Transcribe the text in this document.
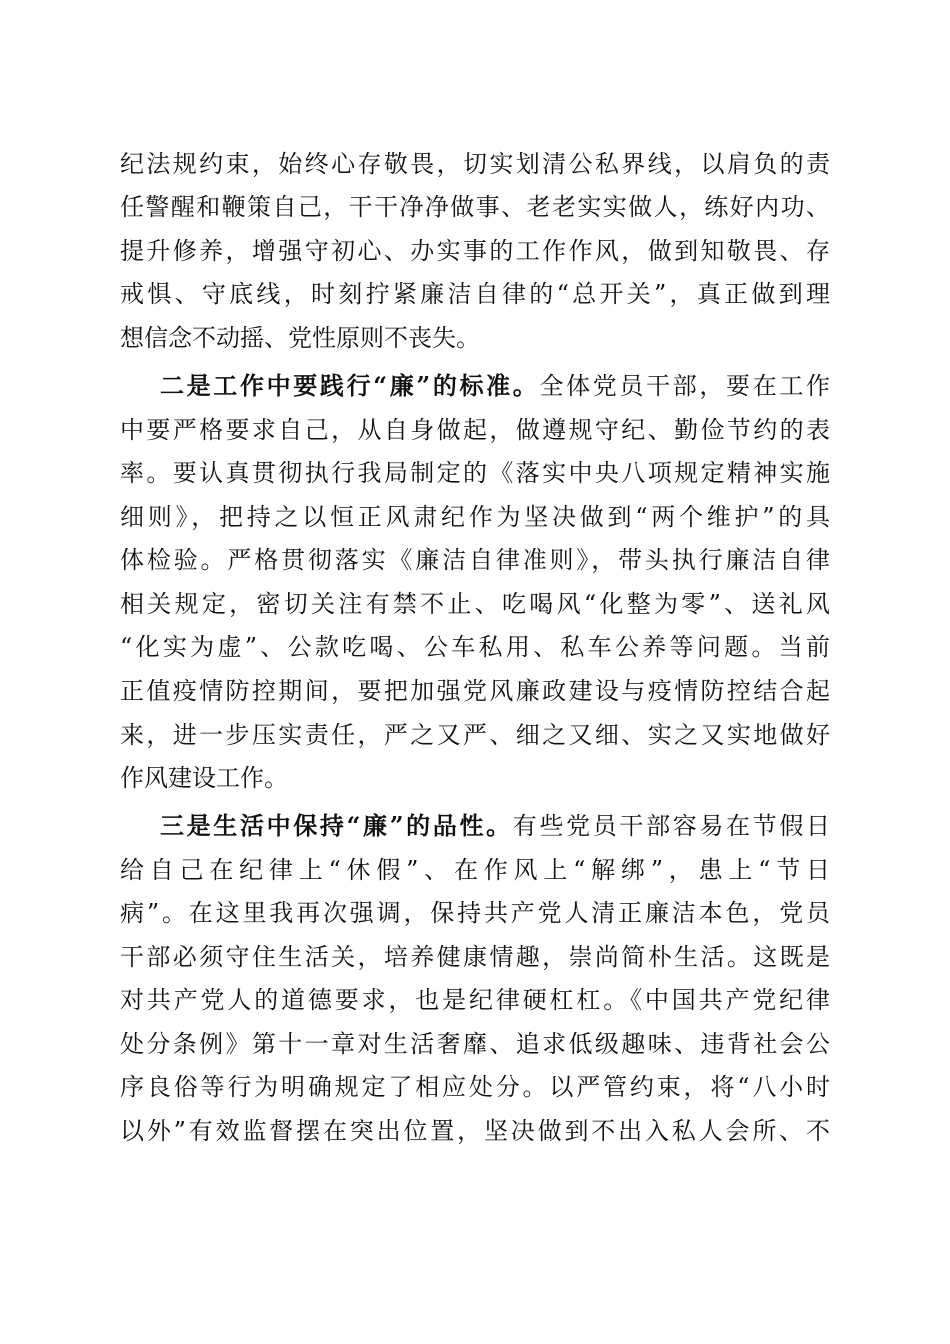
纪法规约束，始终心存敬畏，切实划清公私界线，以肩负的责
任警醒和鞭策自己，干干净净做事、老老实实做人，练好内功、
提升修养，增强守初心、办实事的工作作风，做到知敬畏、存
戒惧、守底线，时刻拧紧廉洁自律的“总开关”，真正做到理
想信念不动摇、党性原则不丧失。
二是工作中要践行“廉”的标准。全体党员干部，要在工作
中要严格要求自己，从自身做起，做遵规守纪、勤俭节约的表
率。要认真贯彻执行我局制定的《落实中央八项规定精神实施
细则》，把持之以恒正风肃纪作为坚决做到“两个维护”的具
体检验。严格贯彻落实《廉洁自律准则》，带头执行廉洁自律
相关规定，密切关注有禁不止、吃喝风“化整为零”、送礼风
“化实为虚”、公款吃喝、公车私用、私车公养等问题。当前
正值疫情防控期间，要把加强党风廉政建设与疫情防控结合起
来，进一步压实责任，严之又严、细之又细、实之又实地做好
作风建设工作。
三是生活中保持“廉”的品性。有些党员干部容易在节假日
给自己在纪律上“休假”、在作风上“解绑”，患上“节日
病”。在这里我再次强调，保持共产党人清正廉洁本色，党员
干部必须守住生活关，培养健康情趣，崇尚简朴生活。这既是
对共产党人的道德要求，也是纪律硬杠杠。《中国共产党纪律
处分条例》第十一章对生活奢靡、追求低级趣味、违背社会公
序良俗等行为明确规定了相应处分。以严管约束，将“八小时
以外”有效监督摆在突出位置，坚决做到不出入私人会所、不
